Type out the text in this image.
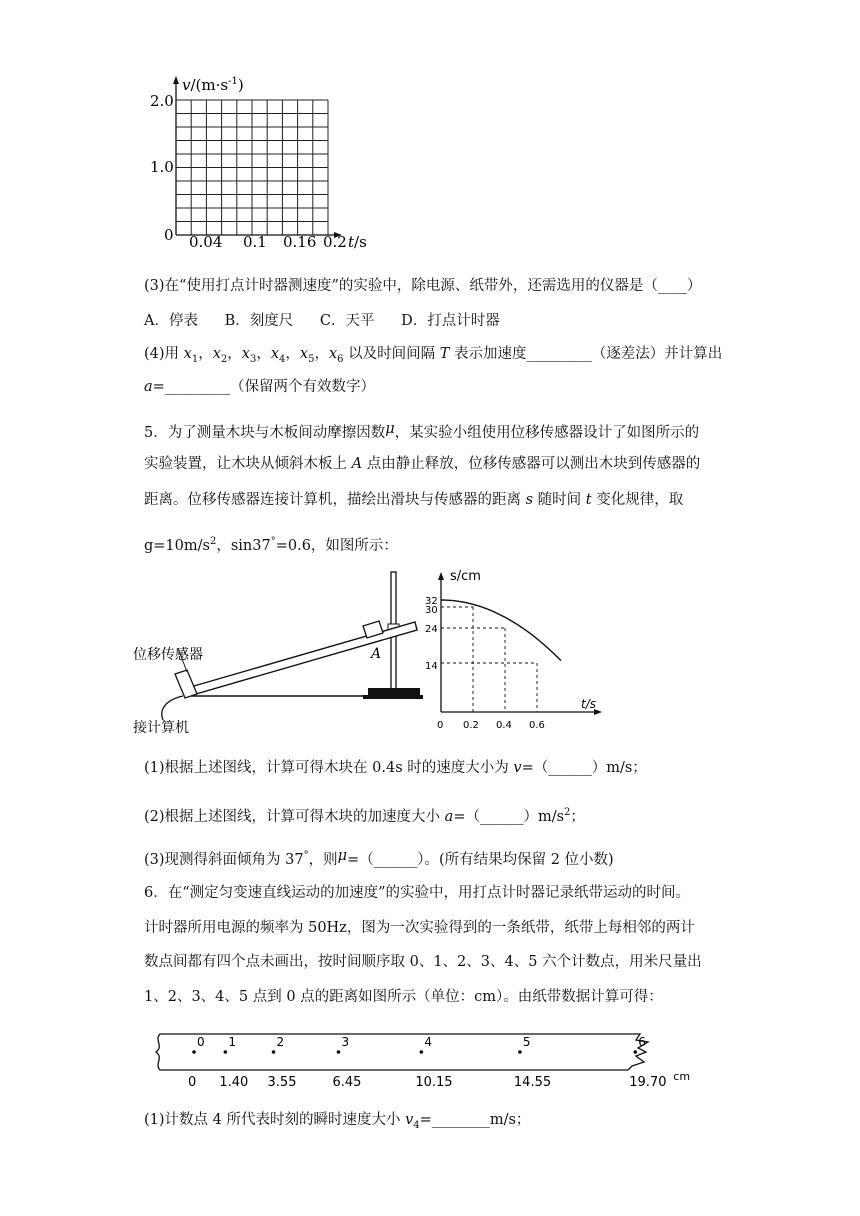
$v/(m\cdot s^{-1})$
2.0
1.0
0 0.04 0.1 0.16 0.2 t/s
(3)在“使用打点计时器测速度”的实验中，除电源、纸带外，还需选用的仪器是（____）
A．停表 B．刻度尺 C．天平 D．打点计时器
(4)用 $x_1$，$x_2$，$x_3$，$x_4$，$x_5$，$x_6$ 以及时间间隔 T 表示加速度_________（逐差法）并计算出
a=_________（保留两个有效数字）
5．为了测量木块与木板间动摩擦因数μ，某实验小组使用位移传感器设计了如图所示的
实验装置，让木块从倾斜木板上 A 点由静止释放，位移传感器可以测出木块到传感器的
距离。位移传感器连接计算机，描绘出滑块与传感器的距离 s 随时间 t 变化规律，取
$g=10m/s^2$，sin37°=0.6，如图所示：
A
位移传感器
接计算机
s/cm
32
30
24
14
0 0.2 0.4 0.6
t/s
(1)根据上述图线，计算可得木块在 0.4s 时的速度大小为 v=（______）m/s；
(2)根据上述图线，计算可得木块的加速度大小 $a=(\_\_\_\_\_\_)m/s^2$；
(3)现测得斜面倾角为 37°，则μ=（______）。(所有结果均保留 2 位小数)
6．在“测定匀变速直线运动的加速度”的实验中，用打点计时器记录纸带运动的时间。
计时器所用电源的频率为 50Hz，图为一次实验得到的一条纸带，纸带上每相邻的两计
数点间都有四个点未画出，按时间顺序取 0、1、2、3、4、5 六个计数点，用米尺量出
1、2、3、4、5 点到 0 点的距离如图所示（单位：cm）。由纸带数据计算可得：
0 1	2	3	4	5	6
0 1.40 3.55	6.45	10.15	14.55	19.70 cm
(1)计数点 4 所代表时刻的瞬时速度大小 $v_4=\_\_\_\_\_\_\_\_m/s$；
